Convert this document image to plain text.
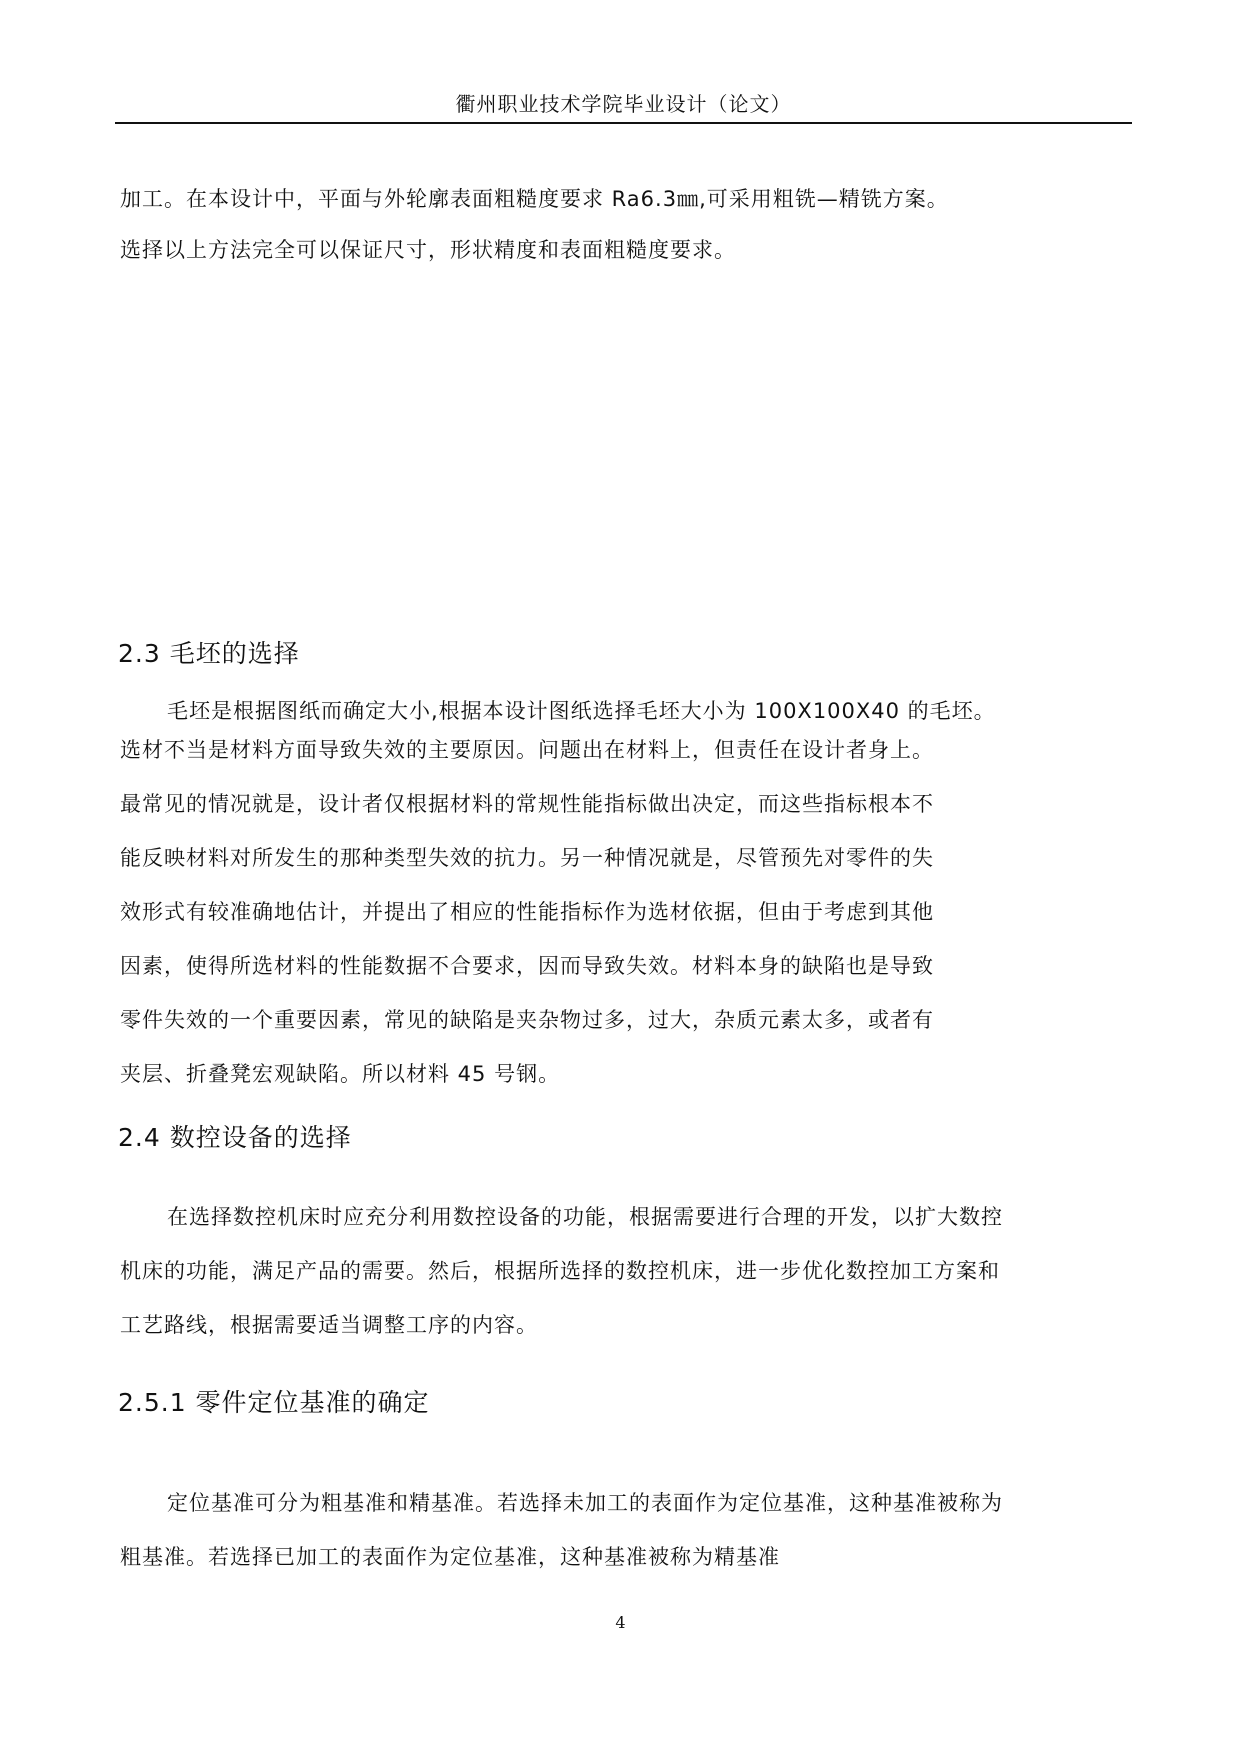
衢州职业技术学院毕业设计（论文）
加工。在本设计中，平面与外轮廓表面粗糙度要求 Ra6.3㎜,可采用粗铣—精铣方案。
选择以上方法完全可以保证尺寸，形状精度和表面粗糙度要求。
2.3 毛坯的选择
毛坯是根据图纸而确定大小,根据本设计图纸选择毛坯大小为 100X100X40 的毛坯。
选材不当是材料方面导致失效的主要原因。问题出在材料上，但责任在设计者身上。
最常见的情况就是，设计者仅根据材料的常规性能指标做出决定，而这些指标根本不
能反映材料对所发生的那种类型失效的抗力。另一种情况就是，尽管预先对零件的失
效形式有较准确地估计，并提出了相应的性能指标作为选材依据，但由于考虑到其他
因素，使得所选材料的性能数据不合要求，因而导致失效。材料本身的缺陷也是导致
零件失效的一个重要因素，常见的缺陷是夹杂物过多，过大，杂质元素太多，或者有
夹层、折叠凳宏观缺陷。所以材料 45 号钢。
2.4 数控设备的选择
在选择数控机床时应充分利用数控设备的功能，根据需要进行合理的开发，以扩大数控
机床的功能，满足产品的需要。然后，根据所选择的数控机床，进一步优化数控加工方案和
工艺路线，根据需要适当调整工序的内容。
2.5.1 零件定位基准的确定
定位基准可分为粗基准和精基准。若选择未加工的表面作为定位基准，这种基准被称为
粗基准。若选择已加工的表面作为定位基准，这种基准被称为精基准
4
